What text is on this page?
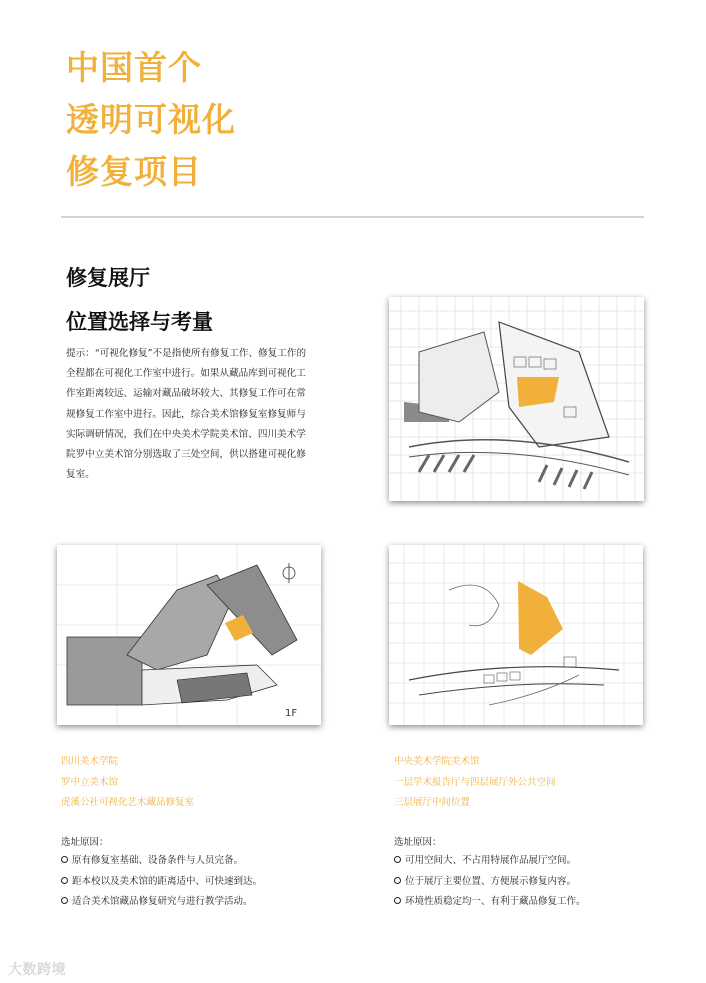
中国首个

透明可视化

修复项目

修复展厅
位置选择与考量

提示：“可视化修复”不是指使所有修复工作、修复工作的全程都在可视化工作室中进行。如果从藏品库到可视化工作室距离较远、运输对藏品破坏较大、其修复工作可在常规修复工作室中进行。因此，综合美术馆修复室修复师与实际调研情况，我们在中央美术学院美术馆、四川美术学院罗中立美术馆分别选取了三处空间，供以搭建可视化修复室。

1F
四川美术学院
罗中立美术馆
虎溪公社可视化艺术藏品修复室
中央美术学院美术馆
一层学术报告厅与四层展厅外公共空间
三层展厅中间位置

选址原因：	选址原因：

原有修复室基础、设备条件与人员完备。
距本校以及美术馆的距离适中、可快速到达。
适合美术馆藏品修复研究与进行教学活动。
可用空间大、不占用特展作品展厅空间。
位于展厅主要位置、方便展示修复内容。
环境性质稳定均一、有利于藏品修复工作。
大数跨境
